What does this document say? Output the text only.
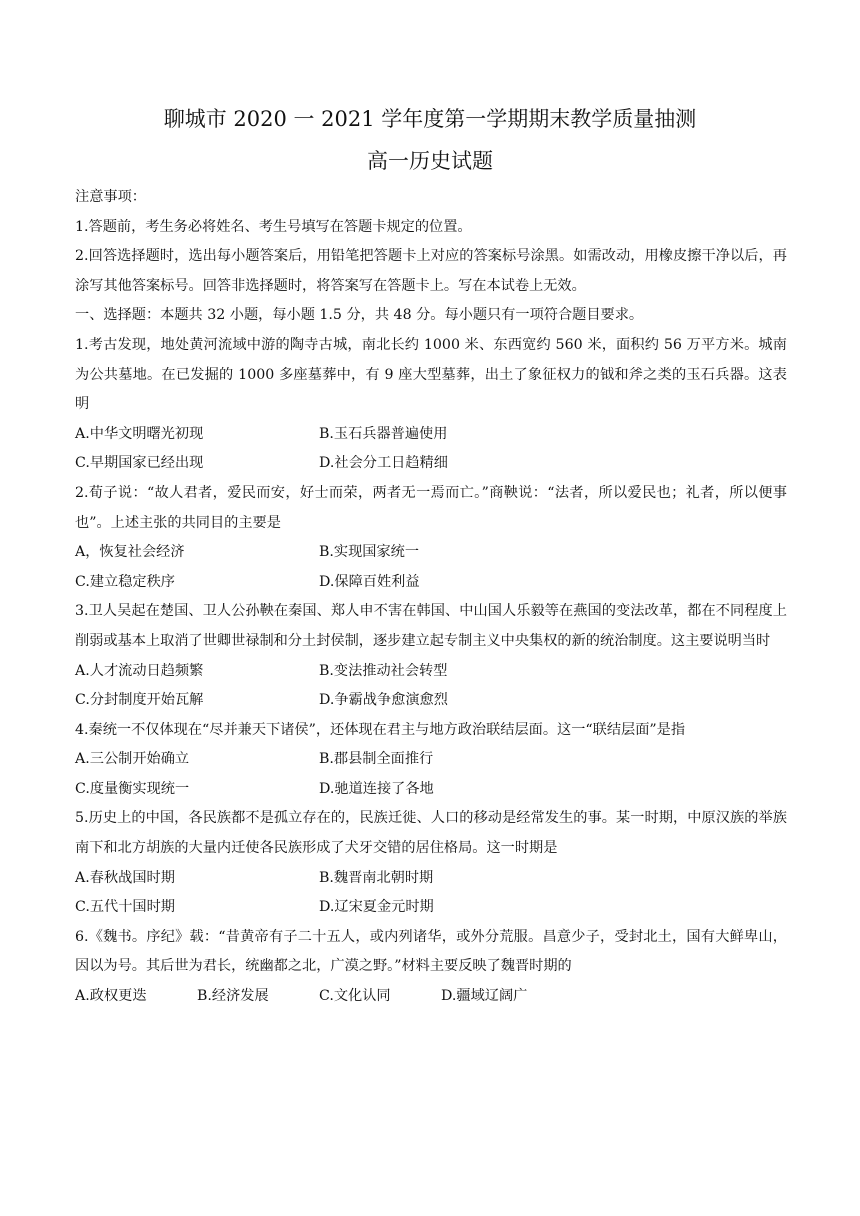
聊城市 2020 一 2021 学年度第一学期期末教学质量抽测
高一历史试题

注意事项：

1.答题前，考生务必将姓名、考生号填写在答题卡规定的位置。

2.回答选择题时，选出每小题答案后，用铅笔把答题卡上对应的答案标号涂黑。如需改动，用橡皮擦干净以后，再涂写其他答案标号。回答非选择题时，将答案写在答题卡上。写在本试卷上无效。

一、选择题：本题共 32 小题，每小题 1.5 分，共 48 分。每小题只有一项符合题目要求。

1.考古发现，地处黄河流域中游的陶寺古城，南北长约 1000 米、东西宽约 560 米，面积约 56 万平方米。城南为公共墓地。在已发掘的 1000 多座墓葬中，有 9 座大型墓葬，出土了象征权力的钺和斧之类的玉石兵器。这表明

A.中华文明曙光初现	B.玉石兵器普遍使用
C.早期国家已经出现	D.社会分工日趋精细

2.荀子说：“故人君者，爱民而安，好士而荣，两者无一焉而亡。”商鞅说：“法者，所以爱民也；礼者，所以便事也”。上述主张的共同目的主要是

A，恢复社会经济	B.实现国家统一
C.建立稳定秩序	D.保障百姓利益

3.卫人吴起在楚国、卫人公孙鞅在秦国、郑人申不害在韩国、中山国人乐毅等在燕国的变法改革，都在不同程度上削弱或基本上取消了世卿世禄制和分土封侯制，逐步建立起专制主义中央集权的新的统治制度。这主要说明当时

A.人才流动日趋频繁	B.变法推动社会转型
C.分封制度开始瓦解	D.争霸战争愈演愈烈

4.秦统一不仅体现在“尽并兼天下诸侯”，还体现在君主与地方政治联结层面。这一“联结层面”是指

A.三公制开始确立	B.郡县制全面推行
C.度量衡实现统一	D.驰道连接了各地

5.历史上的中国，各民族都不是孤立存在的，民族迁徙、人口的移动是经常发生的事。某一时期，中原汉族的举族南下和北方胡族的大量内迁使各民族形成了犬牙交错的居住格局。这一时期是

A.春秋战国时期	B.魏晋南北朝时期
C.五代十国时期	D.辽宋夏金元时期

6.《魏书。序纪》载：“昔黄帝有子二十五人，或内列诸华，或外分荒服。昌意少子，受封北土，国有大鲜卑山，因以为号。其后世为君长，统幽都之北，广漠之野。”材料主要反映了魏晋时期的

A.政权更迭	B.经济发展	C.文化认同	D.疆域辽阔广
